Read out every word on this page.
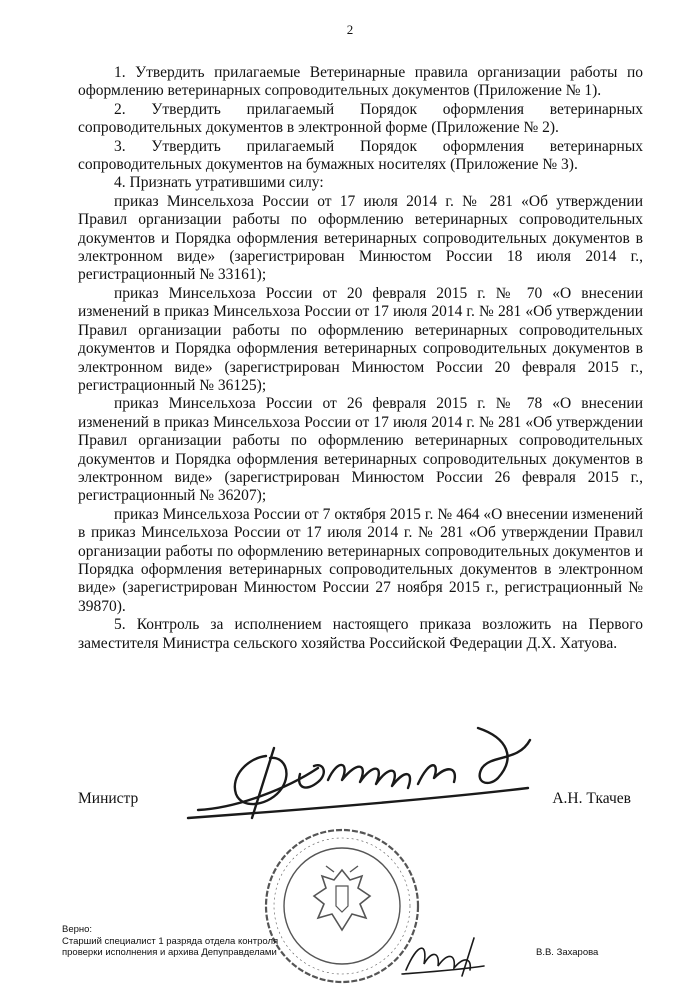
2

1. Утвердить прилагаемые Ветеринарные правила организации работы по оформлению ветеринарных сопроводительных документов (Приложение № 1).

2. Утвердить прилагаемый Порядок оформления ветеринарных сопроводительных документов в электронной форме (Приложение № 2).

3. Утвердить прилагаемый Порядок оформления ветеринарных сопроводительных документов на бумажных носителях (Приложение № 3).

4. Признать утратившими силу:

приказ Минсельхоза России от 17 июля 2014 г. № 281 «Об утверждении Правил организации работы по оформлению ветеринарных сопроводительных документов и Порядка оформления ветеринарных сопроводительных документов в электронном виде» (зарегистрирован Минюстом России 18 июля 2014 г., регистрационный № 33161);

приказ Минсельхоза России от 20 февраля 2015 г. № 70 «О внесении изменений в приказ Минсельхоза России от 17 июля 2014 г. № 281 «Об утверждении Правил организации работы по оформлению ветеринарных сопроводительных документов и Порядка оформления ветеринарных сопроводительных документов в электронном виде» (зарегистрирован Минюстом России 20 февраля 2015 г., регистрационный № 36125);

приказ Минсельхоза России от 26 февраля 2015 г. № 78 «О внесении изменений в приказ Минсельхоза России от 17 июля 2014 г. № 281 «Об утверждении Правил организации работы по оформлению ветеринарных сопроводительных документов и Порядка оформления ветеринарных сопроводительных документов в электронном виде» (зарегистрирован Минюстом России 26 февраля 2015 г., регистрационный № 36207);

приказ Минсельхоза России от 7 октября 2015 г. № 464 «О внесении изменений в приказ Минсельхоза России от 17 июля 2014 г. № 281 «Об утверждении Правил организации работы по оформлению ветеринарных сопроводительных документов и Порядка оформления ветеринарных сопроводительных документов в электронном виде» (зарегистрирован Минюстом России 27 ноября 2015 г., регистрационный № 39870).

5. Контроль за исполнением настоящего приказа возложить на Первого заместителя Министра сельского хозяйства Российской Федерации Д.Х. Хатуова.

Министр	А.Н. Ткачев
Верно:
Старший специалист 1 разряда отдела контроля проверки исполнения и архива Депуправделами	В.В. Захарова
